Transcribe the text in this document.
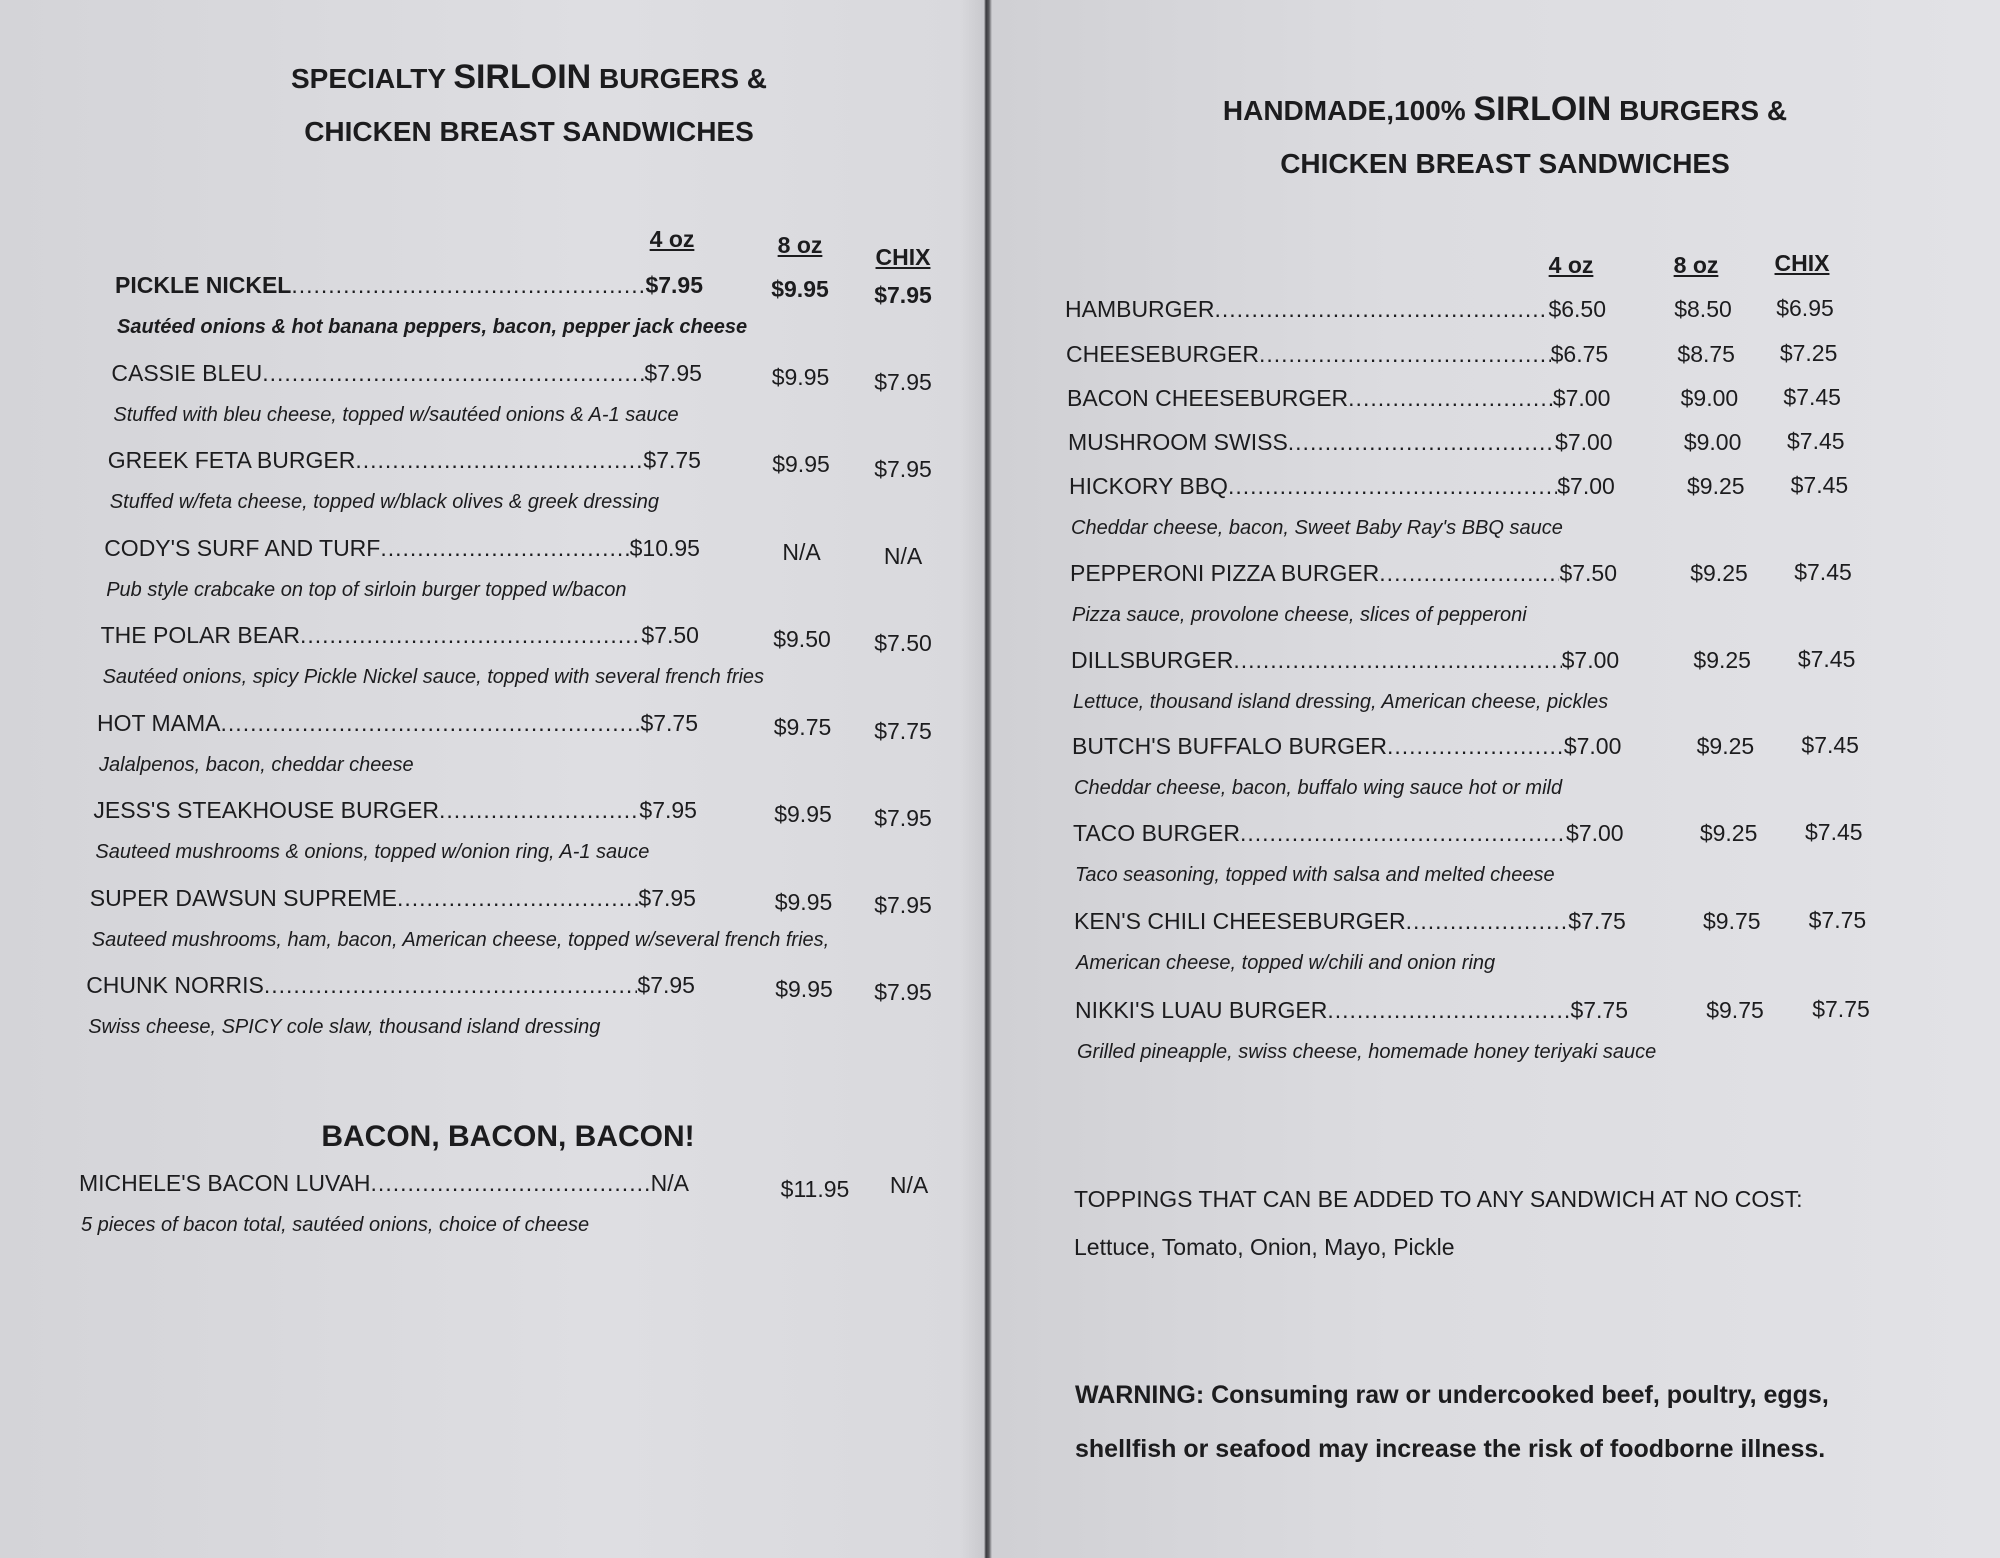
SPECIALTY SIRLOIN BURGERS &
CHICKEN BREAST SANDWICHES
4 oz	8 oz CHIX
PICKLE NICKEL .....	$7.95	$9.95 $7.95
Sautéed onions & hot banana peppers, bacon, pepper jack cheese
CASSIE BLEU .....	$7.95	$9.95 $7.95
Stuffed with bleu cheese, topped w/sautéed onions & A-1 sauce
GREEK FETA BURGER .....	$7.75	$9.95 $7.95
Stuffed w/feta cheese, topped w/black olives & greek dressing
CODY'S SURF AND TURF .....	$10.95	N/A	N/A
Pub style crabcake on top of sirloin burger topped w/bacon
THE POLAR BEAR .....	$7.50	$9.50 $7.50
Sautéed onions, spicy Pickle Nickel sauce, topped with several french fries
HOT MAMA .....	$7.75	$9.75 $7.75
Jalalpenos, bacon, cheddar cheese
JESS'S STEAKHOUSE BURGER .....	$7.95	$9.95 $7.95
Sauteed mushrooms & onions, topped w/onion ring, A-1 sauce
SUPER DAWSUN SUPREME .....	$7.95	$9.95 $7.95
Sauteed mushrooms, ham, bacon, American cheese, topped w/several french fries,
CHUNK NORRIS .....	$7.95	$9.95 $7.95
Swiss cheese, SPICY cole slaw, thousand island dressing
BACON, BACON, BACON!
MICHELE'S BACON LUVAH .....	N/A	$11.95 N/A
5 pieces of bacon total, sautéed onions, choice of cheese
HANDMADE,100% SIRLOIN BURGERS &
CHICKEN BREAST SANDWICHES
4 oz	8 oz CHIX
HAMBURGER .....	$6.50	$8.50 $6.95
CHEESEBURGER .....	$6.75	$8.75 $7.25
BACON CHEESEBURGER .....	$7.00	$9.00 $7.45
MUSHROOM SWISS .....	$7.00	$9.00 $7.45
HICKORY BBQ .....	$7.00	$9.25 $7.45
Cheddar cheese, bacon, Sweet Baby Ray's BBQ sauce
PEPPERONI PIZZA BURGER .....	$7.50	$9.25 $7.45
Pizza sauce, provolone cheese, slices of pepperoni
DILLSBURGER .....	$7.00	$9.25 $7.45
Lettuce, thousand island dressing, American cheese, pickles
BUTCH'S BUFFALO BURGER .....	$7.00	$9.25 $7.45
Cheddar cheese, bacon, buffalo wing sauce hot or mild
TACO BURGER .....	$7.00	$9.25 $7.45
Taco seasoning, topped with salsa and melted cheese
KEN'S CHILI CHEESEBURGER .....	$7.75	$9.75 $7.75
American cheese, topped w/chili and onion ring
NIKKI'S LUAU BURGER .....	$7.75	$9.75 $7.75
Grilled pineapple, swiss cheese, homemade honey teriyaki sauce
TOPPINGS THAT CAN BE ADDED TO ANY SANDWICH AT NO COST:
Lettuce, Tomato, Onion, Mayo, Pickle
WARNING: Consuming raw or undercooked beef, poultry, eggs,
shellfish or seafood may increase the risk of foodborne illness.
